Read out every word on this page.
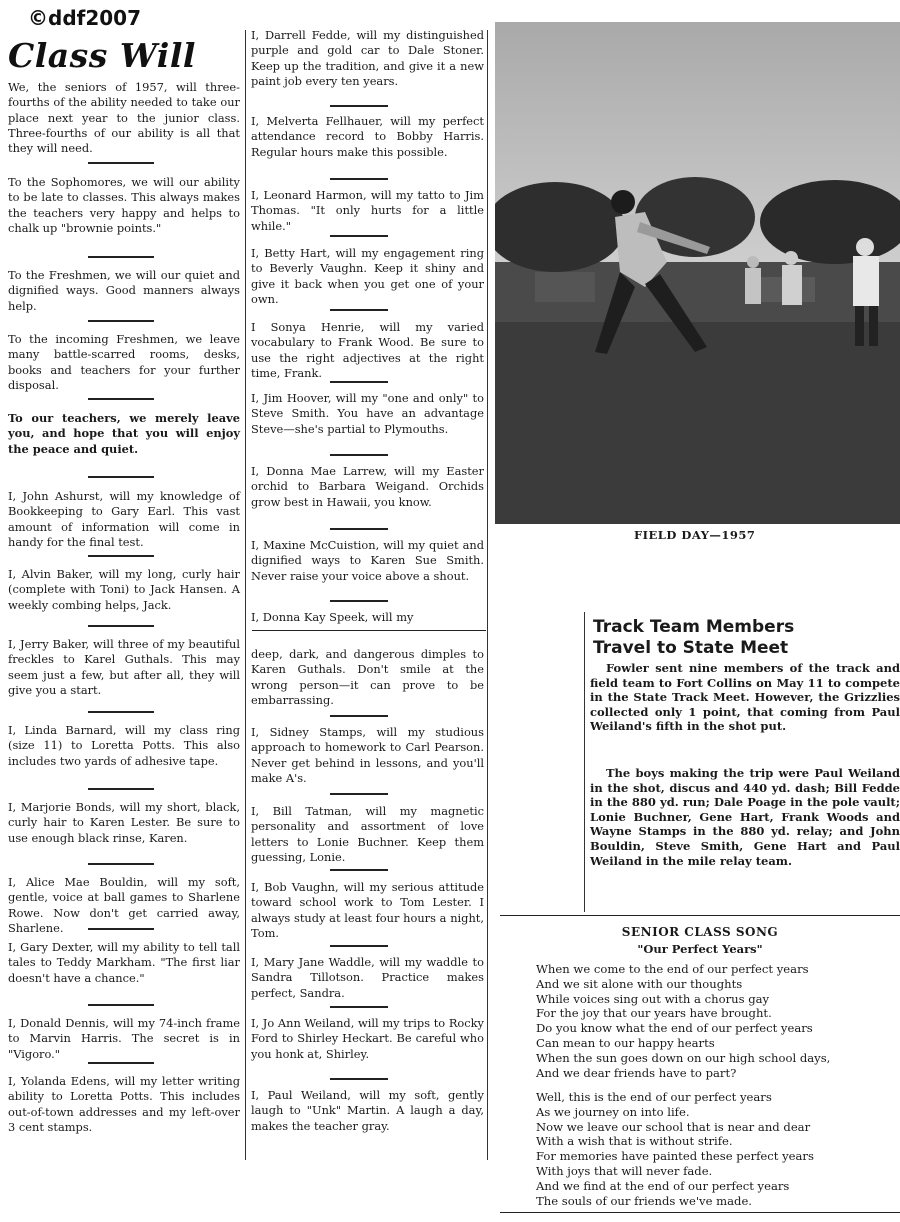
©ddf2007
Class Will
We, the seniors of 1957, will three-fourths of the ability needed to take our place next year to the junior class. Three-fourths of our ability is all that they will need.
To the Sophomores, we will our ability to be late to classes. This always makes the teachers very happy and helps to chalk up "brownie points."
To the Freshmen, we will our quiet and dignified ways. Good manners always help.
To the incoming Freshmen, we leave many battle-scarred rooms, desks, books and teachers for your further disposal.
To our teachers, we merely leave you, and hope that you will enjoy the peace and quiet.
I, John Ashurst, will my knowledge of Bookkeeping to Gary Earl. This vast amount of information will come in handy for the final test.
I, Alvin Baker, will my long, curly hair (complete with Toni) to Jack Hansen. A weekly combing helps, Jack.
I, Jerry Baker, will three of my beautiful freckles to Karel Guthals. This may seem just a few, but after all, they will give you a start.
I, Linda Barnard, will my class ring (size 11) to Loretta Potts. This also includes two yards of adhesive tape.
I, Marjorie Bonds, will my short, black, curly hair to Karen Lester. Be sure to use enough black rinse, Karen.
I, Alice Mae Bouldin, will my soft, gentle, voice at ball games to Sharlene Rowe. Now don't get carried away, Sharlene.
I, Gary Dexter, will my ability to tell tall tales to Teddy Markham. "The first liar doesn't have a chance."
I, Donald Dennis, will my 74-inch frame to Marvin Harris. The secret is in "Vigoro."
I, Yolanda Edens, will my letter writing ability to Loretta Potts. This includes out-of-town addresses and my left-over 3 cent stamps.
I, Darrell Fedde, will my distinguished purple and gold car to Dale Stoner. Keep up the tradition, and give it a new paint job every ten years.
I, Melverta Fellhauer, will my perfect attendance record to Bobby Harris. Regular hours make this possible.
I, Leonard Harmon, will my tatto to Jim Thomas. "It only hurts for a little while."
I, Betty Hart, will my engagement ring to Beverly Vaughn. Keep it shiny and give it back when you get one of your own.
I Sonya Henrie, will my varied vocabulary to Frank Wood. Be sure to use the right adjectives at the right time, Frank.
I, Jim Hoover, will my "one and only" to Steve Smith. You have an advantage Steve—she's partial to Plymouths.
I, Donna Mae Larrew, will my Easter orchid to Barbara Weigand. Orchids grow best in Hawaii, you know.
I, Maxine McCuistion, will my quiet and dignified ways to Karen Sue Smith. Never raise your voice above a shout.
I, Donna Kay Speek, will my
deep, dark, and dangerous dimples to Karen Guthals. Don't smile at the wrong person—it can prove to be embarrassing.
I, Sidney Stamps, will my studious approach to homework to Carl Pearson. Never get behind in lessons, and you'll make A's.
I, Bill Tatman, will my magnetic personality and assortment of love letters to Lonie Buchner. Keep them guessing, Lonie.
I, Bob Vaughn, will my serious attitude toward school work to Tom Lester. I always study at least four hours a night, Tom.
I, Mary Jane Waddle, will my waddle to Sandra Tillotson. Practice makes perfect, Sandra.
I, Jo Ann Weiland, will my trips to Rocky Ford to Shirley Heckart. Be careful who you honk at, Shirley.
I, Paul Weiland, will my soft, gently laugh to "Unk" Martin. A laugh a day, makes the teacher gray.
FIELD DAY—1957
Track Team Members
Travel to State Meet
Fowler sent nine members of the track and field team to Fort Collins on May 11 to compete in the State Track Meet. However, the Grizzlies collected only 1 point, that coming from Paul Weiland's fifth in the shot put.
The boys making the trip were Paul Weiland in the shot, discus and 440 yd. dash; Bill Fedde in the 880 yd. run; Dale Poage in the pole vault; Lonie Buchner, Gene Hart, Frank Woods and Wayne Stamps in the 880 yd. relay; and John Bouldin, Steve Smith, Gene Hart and Paul Weiland in the mile relay team.
SENIOR CLASS SONG
"Our Perfect Years"
When we come to the end of our perfect years
And we sit alone with our thoughts
While voices sing out with a chorus gay
For the joy that our years have brought.
Do you know what the end of our perfect years
Can mean to our happy hearts
When the sun goes down on our high school days,
And we dear friends have to part?
Well, this is the end of our perfect years
As we journey on into life.
Now we leave our school that is near and dear
With a wish that is without strife.
For memories have painted these perfect years
With joys that will never fade.
And we find at the end of our perfect years
The souls of our friends we've made.
